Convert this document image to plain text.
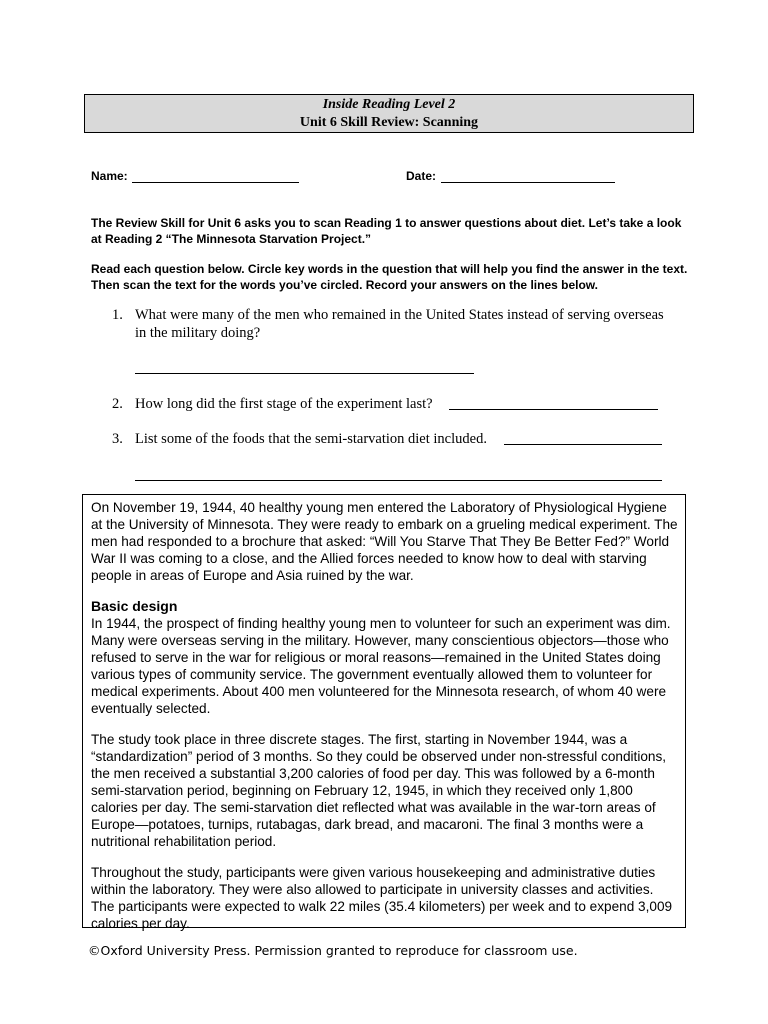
Inside Reading Level 2
Unit 6 Skill Review: Scanning
Name:	Date:
The Review Skill for Unit 6 asks you to scan Reading 1 to answer questions about diet. Let’s take a look at Reading 2 “The Minnesota Starvation Project.”
Read each question below. Circle key words in the question that will help you find the answer in the text. Then scan the text for the words you’ve circled. Record your answers on the lines below.
1. What were many of the men who remained in the United States instead of serving overseas in the military doing?
2. How long did the first stage of the experiment last?
3. List some of the foods that the semi-starvation diet included.

On November 19, 1944, 40 healthy young men entered the Laboratory of Physiological Hygiene at the University of Minnesota. They were ready to embark on a grueling medical experiment. The men had responded to a brochure that asked: “Will You Starve That They Be Better Fed?” World War II was coming to a close, and the Allied forces needed to know how to deal with starving people in areas of Europe and Asia ruined by the war.

Basic design

In 1944, the prospect of finding healthy young men to volunteer for such an experiment was dim. Many were overseas serving in the military. However, many conscientious objectors—those who refused to serve in the war for religious or moral reasons—remained in the United States doing various types of community service. The government eventually allowed them to volunteer for medical experiments. About 400 men volunteered for the Minnesota research, of whom 40 were eventually selected.

The study took place in three discrete stages. The first, starting in November 1944, was a “standardization” period of 3 months. So they could be observed under non-stressful conditions, the men received a substantial 3,200 calories of food per day. This was followed by a 6-month semi-starvation period, beginning on February 12, 1945, in which they received only 1,800 calories per day. The semi-starvation diet reflected what was available in the war-torn areas of Europe—potatoes, turnips, rutabagas, dark bread, and macaroni. The final 3 months were a nutritional rehabilitation period.

Throughout the study, participants were given various housekeeping and administrative duties within the laboratory. They were also allowed to participate in university classes and activities. The participants were expected to walk 22 miles (35.4 kilometers) per week and to expend 3,009 calories per day.

©Oxford University Press. Permission granted to reproduce for classroom use.
